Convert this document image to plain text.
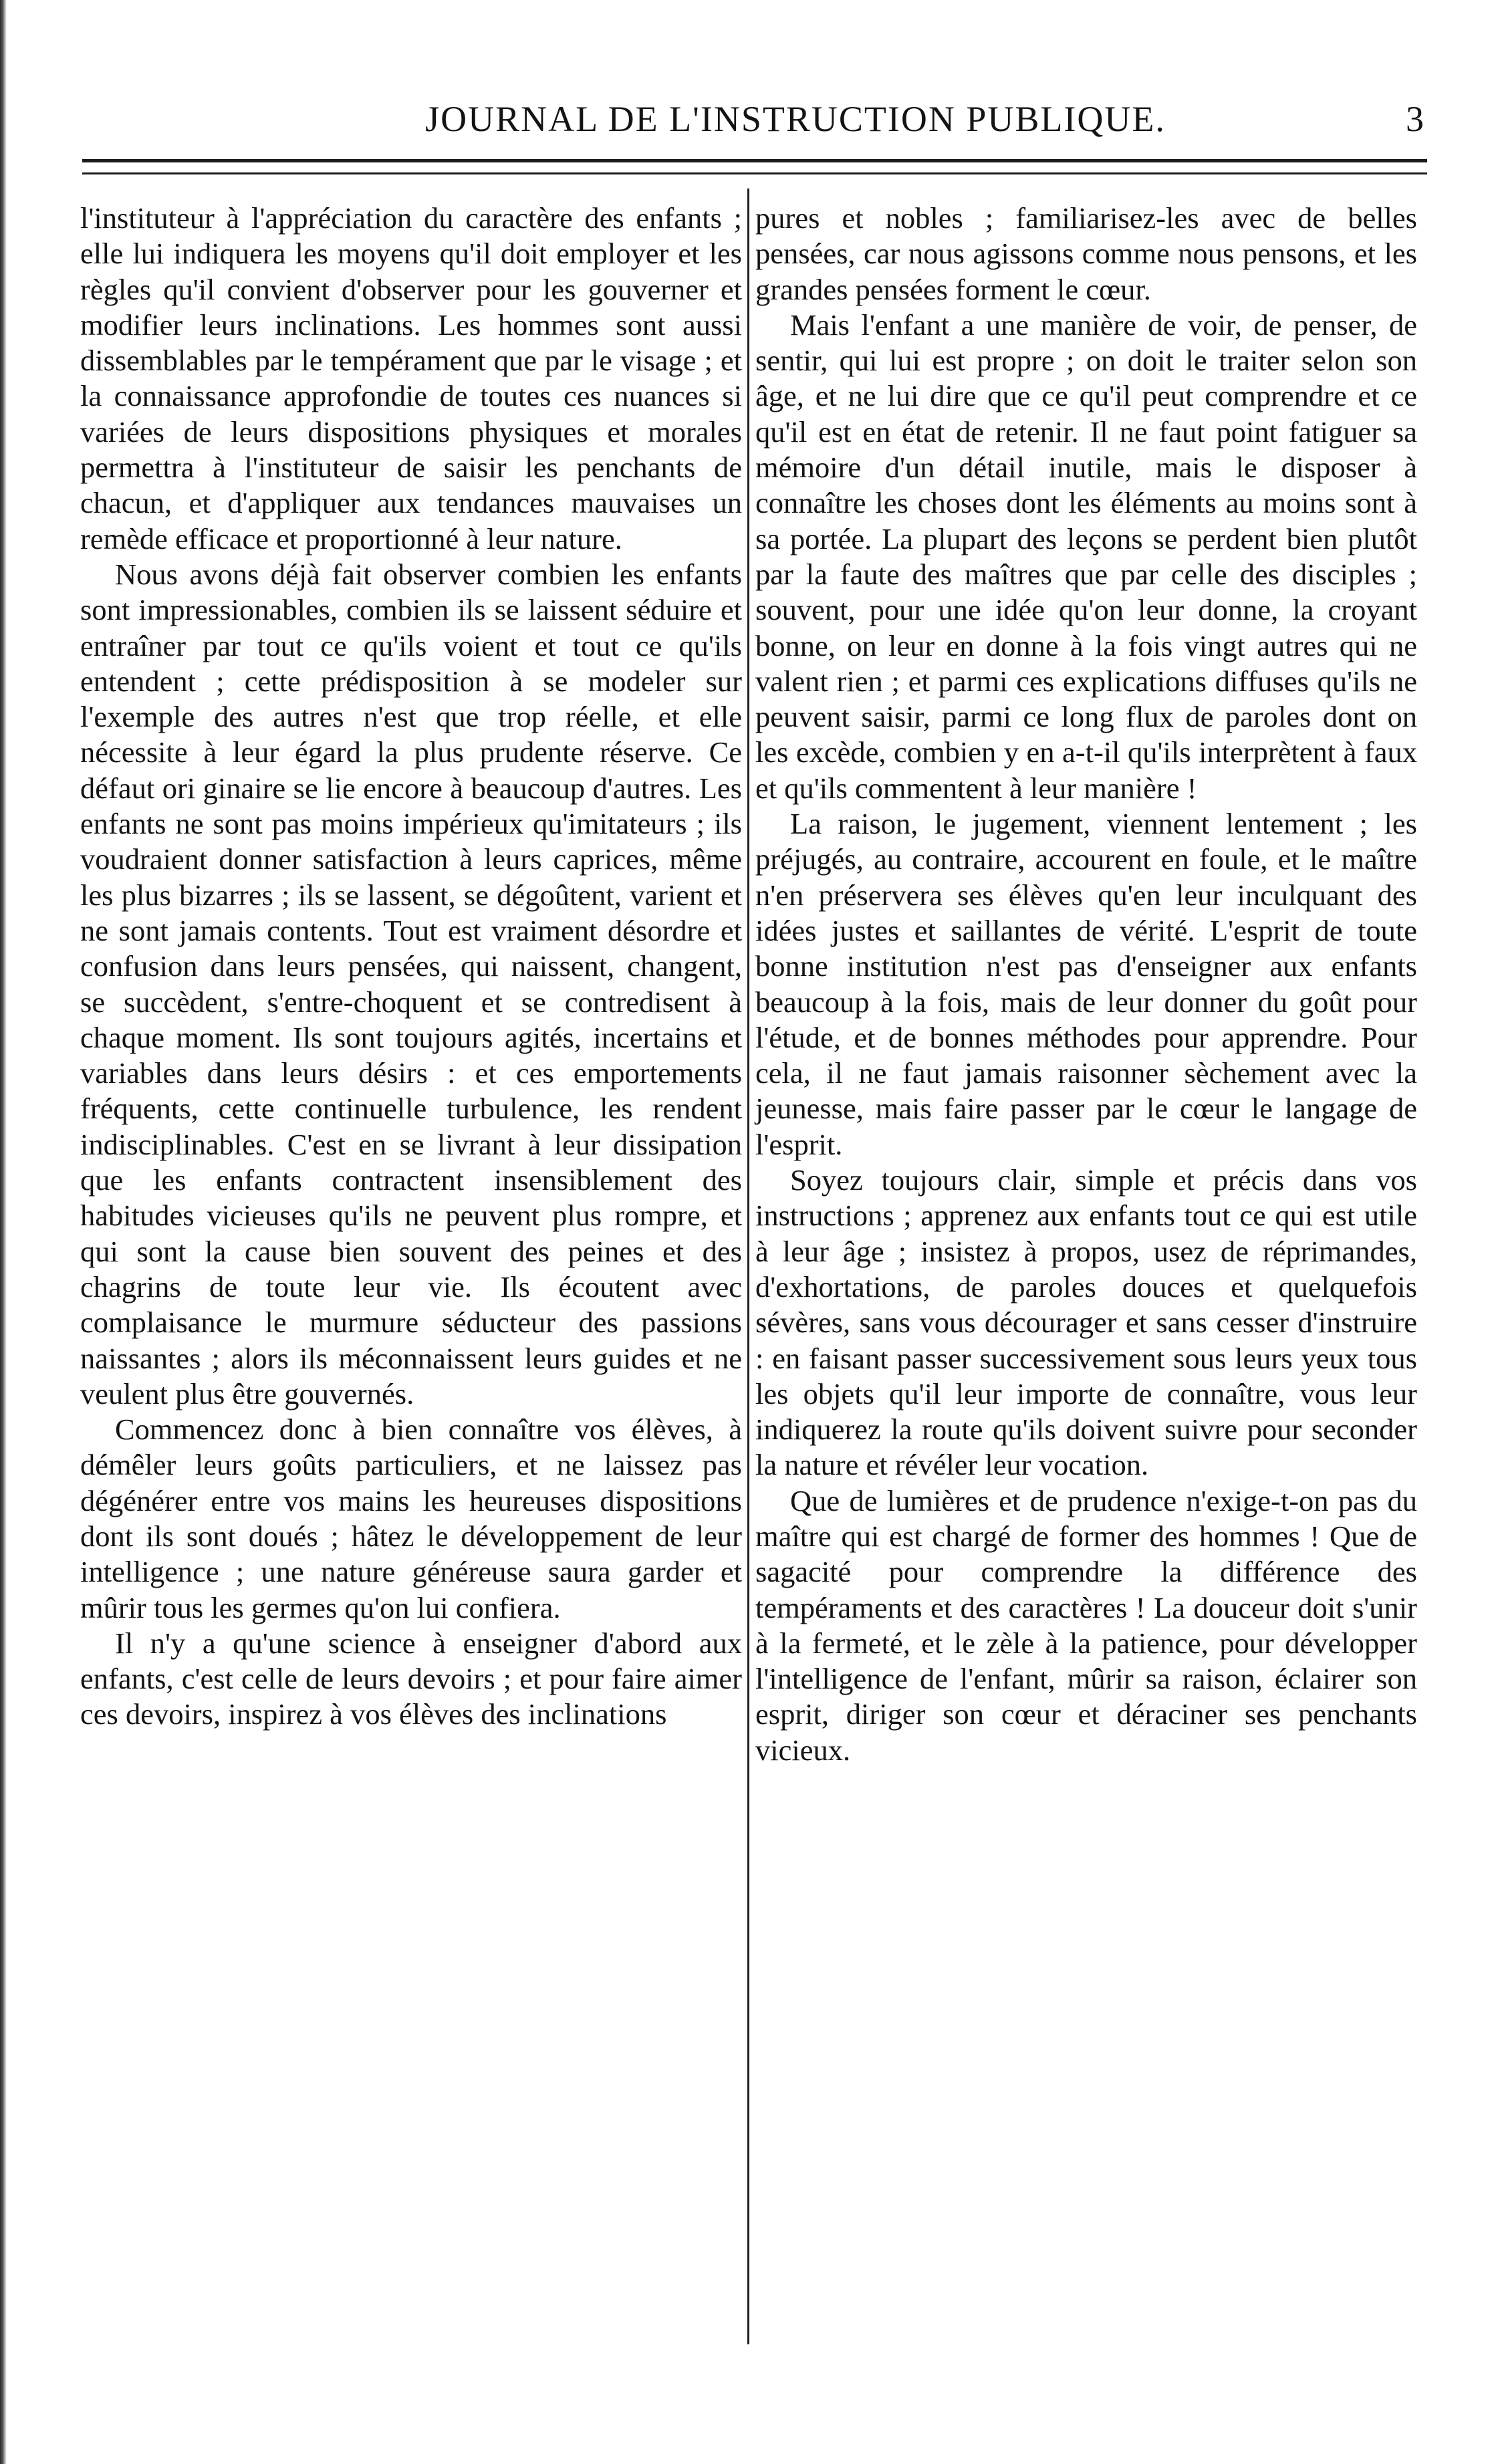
JOURNAL DE L'INSTRUCTION PUBLIQUE.	3

l'instituteur à l'appréciation du caractère des enfants ; elle lui indiquera les moyens qu'il doit employer et les règles qu'il convient d'observer pour les gouverner et modifier leurs inclinations. Les hommes sont aussi dissemblables par le tempérament que par le visage ; et la connaissance approfondie de toutes ces nuances si variées de leurs dispositions physiques et morales permettra à l'instituteur de saisir les penchants de chacun, et d'appliquer aux tendances mauvaises un remède efficace et proportionné à leur nature.

Nous avons déjà fait observer combien les enfants sont impressionables, combien ils se laissent séduire et entraîner par tout ce qu'ils voient et tout ce qu'ils entendent ; cette prédisposition à se modeler sur l'exemple des autres n'est que trop réelle, et elle nécessite à leur égard la plus prudente réserve. Ce défaut ori ginaire se lie encore à beaucoup d'autres. Les enfants ne sont pas moins impérieux qu'imitateurs ; ils voudraient donner satisfaction à leurs caprices, même les plus bizarres ; ils se lassent, se dégoûtent, varient et ne sont jamais contents. Tout est vraiment désordre et confusion dans leurs pensées, qui naissent, changent, se succèdent, s'entre-choquent et se contredisent à chaque moment. Ils sont toujours agités, incertains et variables dans leurs désirs : et ces emportements fréquents, cette continuelle turbulence, les rendent indisciplinables. C'est en se livrant à leur dissipation que les enfants contractent insensiblement des habitudes vicieuses qu'ils ne peuvent plus rompre, et qui sont la cause bien souvent des peines et des chagrins de toute leur vie. Ils écoutent avec complaisance le murmure séducteur des passions naissantes ; alors ils méconnaissent leurs guides et ne veulent plus être gouvernés.

Commencez donc à bien connaître vos élèves, à démêler leurs goûts particuliers, et ne laissez pas dégénérer entre vos mains les heureuses dispositions dont ils sont doués ; hâtez le développement de leur intelligence ; une nature généreuse saura garder et mûrir tous les germes qu'on lui confiera.

Il n'y a qu'une science à enseigner d'abord aux enfants, c'est celle de leurs devoirs ; et pour faire aimer ces devoirs, inspirez à vos élèves des inclinations

pures et nobles ; familiarisez-les avec de belles pensées, car nous agissons comme nous pensons, et les grandes pensées forment le cœur.

Mais l'enfant a une manière de voir, de penser, de sentir, qui lui est propre ; on doit le traiter selon son âge, et ne lui dire que ce qu'il peut comprendre et ce qu'il est en état de retenir. Il ne faut point fatiguer sa mémoire d'un détail inutile, mais le disposer à connaître les choses dont les éléments au moins sont à sa portée. La plupart des leçons se perdent bien plutôt par la faute des maîtres que par celle des disciples ; souvent, pour une idée qu'on leur donne, la croyant bonne, on leur en donne à la fois vingt autres qui ne valent rien ; et parmi ces explications diffuses qu'ils ne peuvent saisir, parmi ce long flux de paroles dont on les excède, combien y en a-t-il qu'ils interprètent à faux et qu'ils commentent à leur manière !

La raison, le jugement, viennent lentement ; les préjugés, au contraire, accourent en foule, et le maître n'en préservera ses élèves qu'en leur inculquant des idées justes et saillantes de vérité. L'esprit de toute bonne institution n'est pas d'enseigner aux enfants beaucoup à la fois, mais de leur donner du goût pour l'étude, et de bonnes méthodes pour apprendre. Pour cela, il ne faut jamais raisonner sèchement avec la jeunesse, mais faire passer par le cœur le langage de l'esprit.

Soyez toujours clair, simple et précis dans vos instructions ; apprenez aux enfants tout ce qui est utile à leur âge ; insistez à propos, usez de réprimandes, d'exhortations, de paroles douces et quelquefois sévères, sans vous décourager et sans cesser d'instruire : en faisant passer successivement sous leurs yeux tous les objets qu'il leur importe de connaître, vous leur indiquerez la route qu'ils doivent suivre pour seconder la nature et révéler leur vocation.

Que de lumières et de prudence n'exige-t-on pas du maître qui est chargé de former des hommes ! Que de sagacité pour comprendre la différence des tempéraments et des caractères ! La douceur doit s'unir à la fermeté, et le zèle à la patience, pour développer l'intelligence de l'enfant, mûrir sa raison, éclairer son esprit, diriger son cœur et déraciner ses penchants vicieux.
